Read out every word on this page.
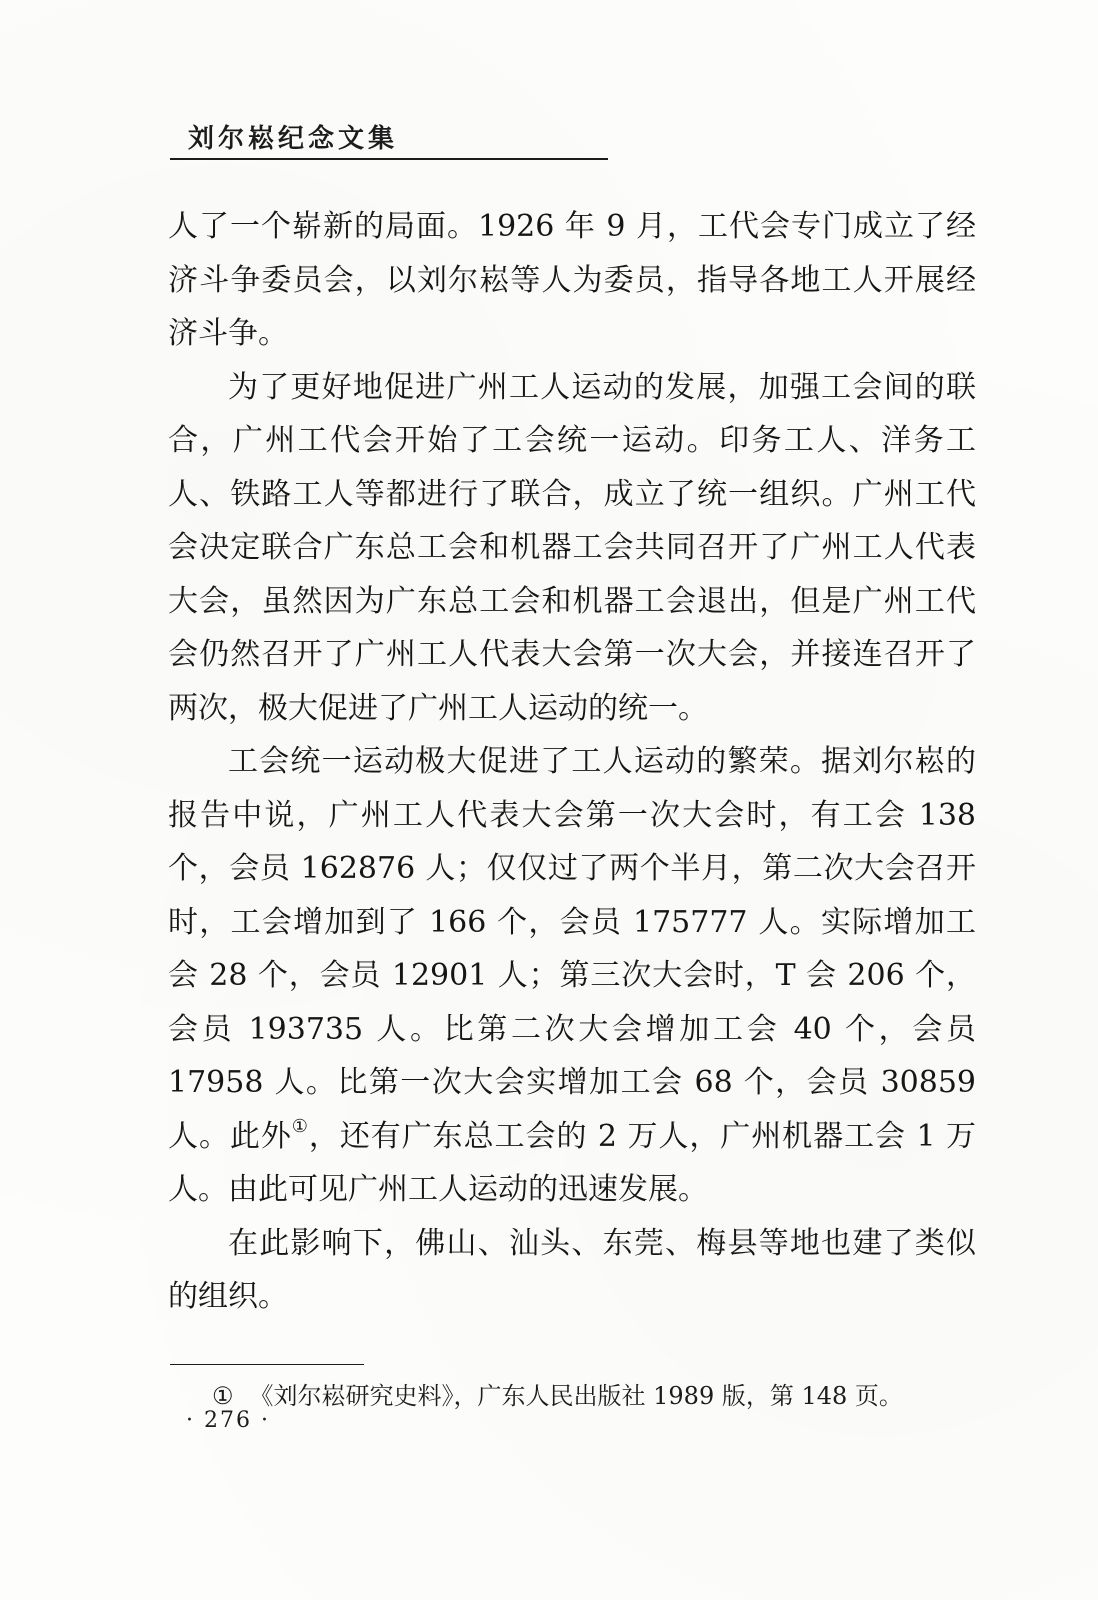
刘尔崧纪念文集

人了一个崭新的局面。1926 年 9 月，工代会专门成立了经济斗争委员会，以刘尔崧等人为委员，指导各地工人开展经济斗争。

为了更好地促进广州工人运动的发展，加强工会间的联合，广州工代会开始了工会统一运动。印务工人、洋务工人、铁路工人等都进行了联合，成立了统一组织。广州工代会决定联合广东总工会和机器工会共同召开了广州工人代表大会，虽然因为广东总工会和机器工会退出，但是广州工代会仍然召开了广州工人代表大会第一次大会，并接连召开了两次，极大促进了广州工人运动的统一。

工会统一运动极大促进了工人运动的繁荣。据刘尔崧的报告中说，广州工人代表大会第一次大会时，有工会 138 个，会员 162876 人；仅仅过了两个半月，第二次大会召开时，工会增加到了 166 个，会员 175777 人。实际增加工会 28 个，会员 12901 人；第三次大会时，T 会 206 个，会员 193735 人。比第二次大会增加工会 40 个，会员 17958 人。比第一次大会实增加工会 68 个，会员 30859 人。此外①，还有广东总工会的 2 万人，广州机器工会 1 万人。由此可见广州工人运动的迅速发展。

在此影响下，佛山、汕头、东莞、梅县等地也建了类似的组织。

① 《刘尔崧研究史料》，广东人民出版社 1989 版，第 148 页。
· 276 ·
